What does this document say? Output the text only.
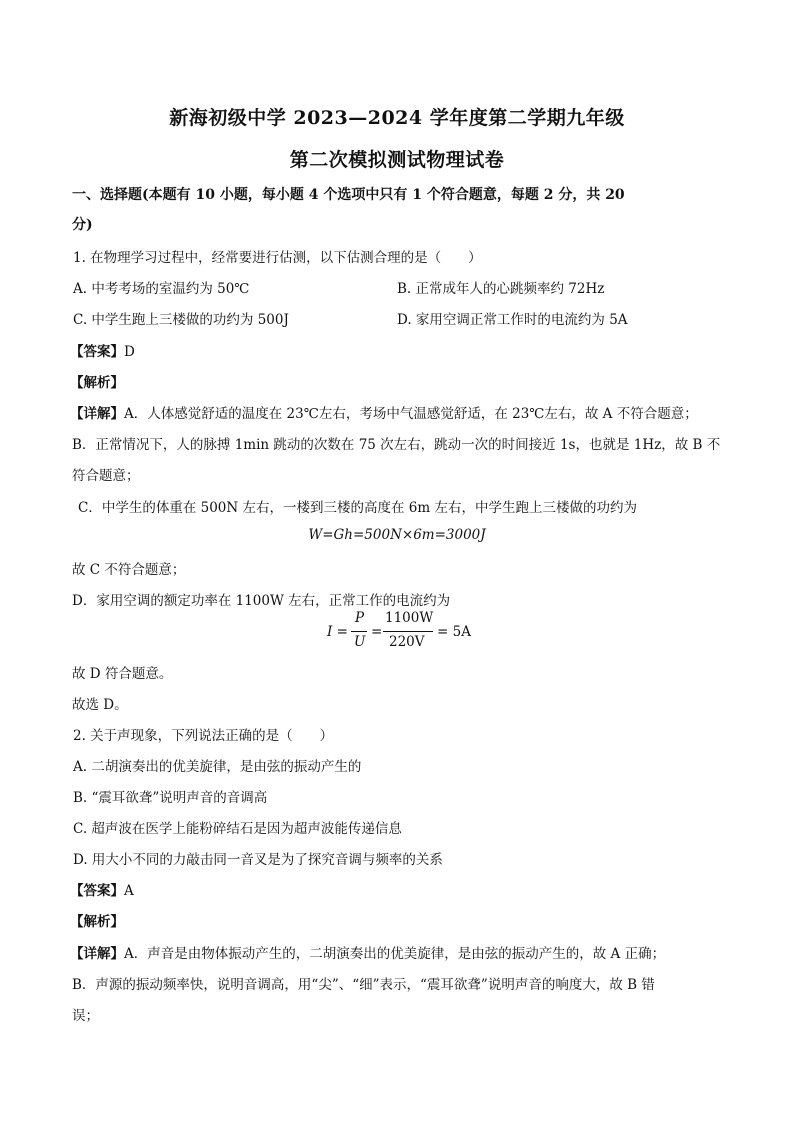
新海初级中学 2023—2024 学年度第二学期九年级
第二次模拟测试物理试卷
一、选择题(本题有 10 小题，每小题 4 个选项中只有 1 个符合题意，每题 2 分，共 20
分)
1. 在物理学习过程中，经常要进行估测，以下估测合理的是（　　）
A. 中考考场的室温约为 50℃	B. 正常成年人的心跳频率约 72Hz
C. 中学生跑上三楼做的功约为 500J	D. 家用空调正常工作时的电流约为 5A
【答案】D
【解析】
【详解】A．人体感觉舒适的温度在 23℃左右，考场中气温感觉舒适，在 23℃左右，故 A 不符合题意；
B．正常情况下，人的脉搏 1min 跳动的次数在 75 次左右，跳动一次的时间接近 1s，也就是 1Hz，故 B 不
符合题意；
C．中学生的体重在 500N 左右，一楼到三楼的高度在 6m 左右，中学生跑上三楼做的功约为
W=Gh=500N×6m=3000J
故 C 不符合题意；
D．家用空调的额定功率在 1100W 左右，正常工作的电流约为
I =
P
U
=
1100W
220V
= 5A
故 D 符合题意。
故选 D。
2. 关于声现象，下列说法正确的是（　　）
A. 二胡演奏出的优美旋律，是由弦的振动产生的
B. “震耳欲聋”说明声音的音调高
C. 超声波在医学上能粉碎结石是因为超声波能传递信息
D. 用大小不同的力敲击同一音叉是为了探究音调与频率的关系
【答案】A
【解析】
【详解】A．声音是由物体振动产生的，二胡演奏出的优美旋律，是由弦的振动产生的，故 A 正确；
B．声源的振动频率快，说明音调高，用“尖”、“细”表示，“震耳欲聋”说明声音的响度大，故 B 错
误；
